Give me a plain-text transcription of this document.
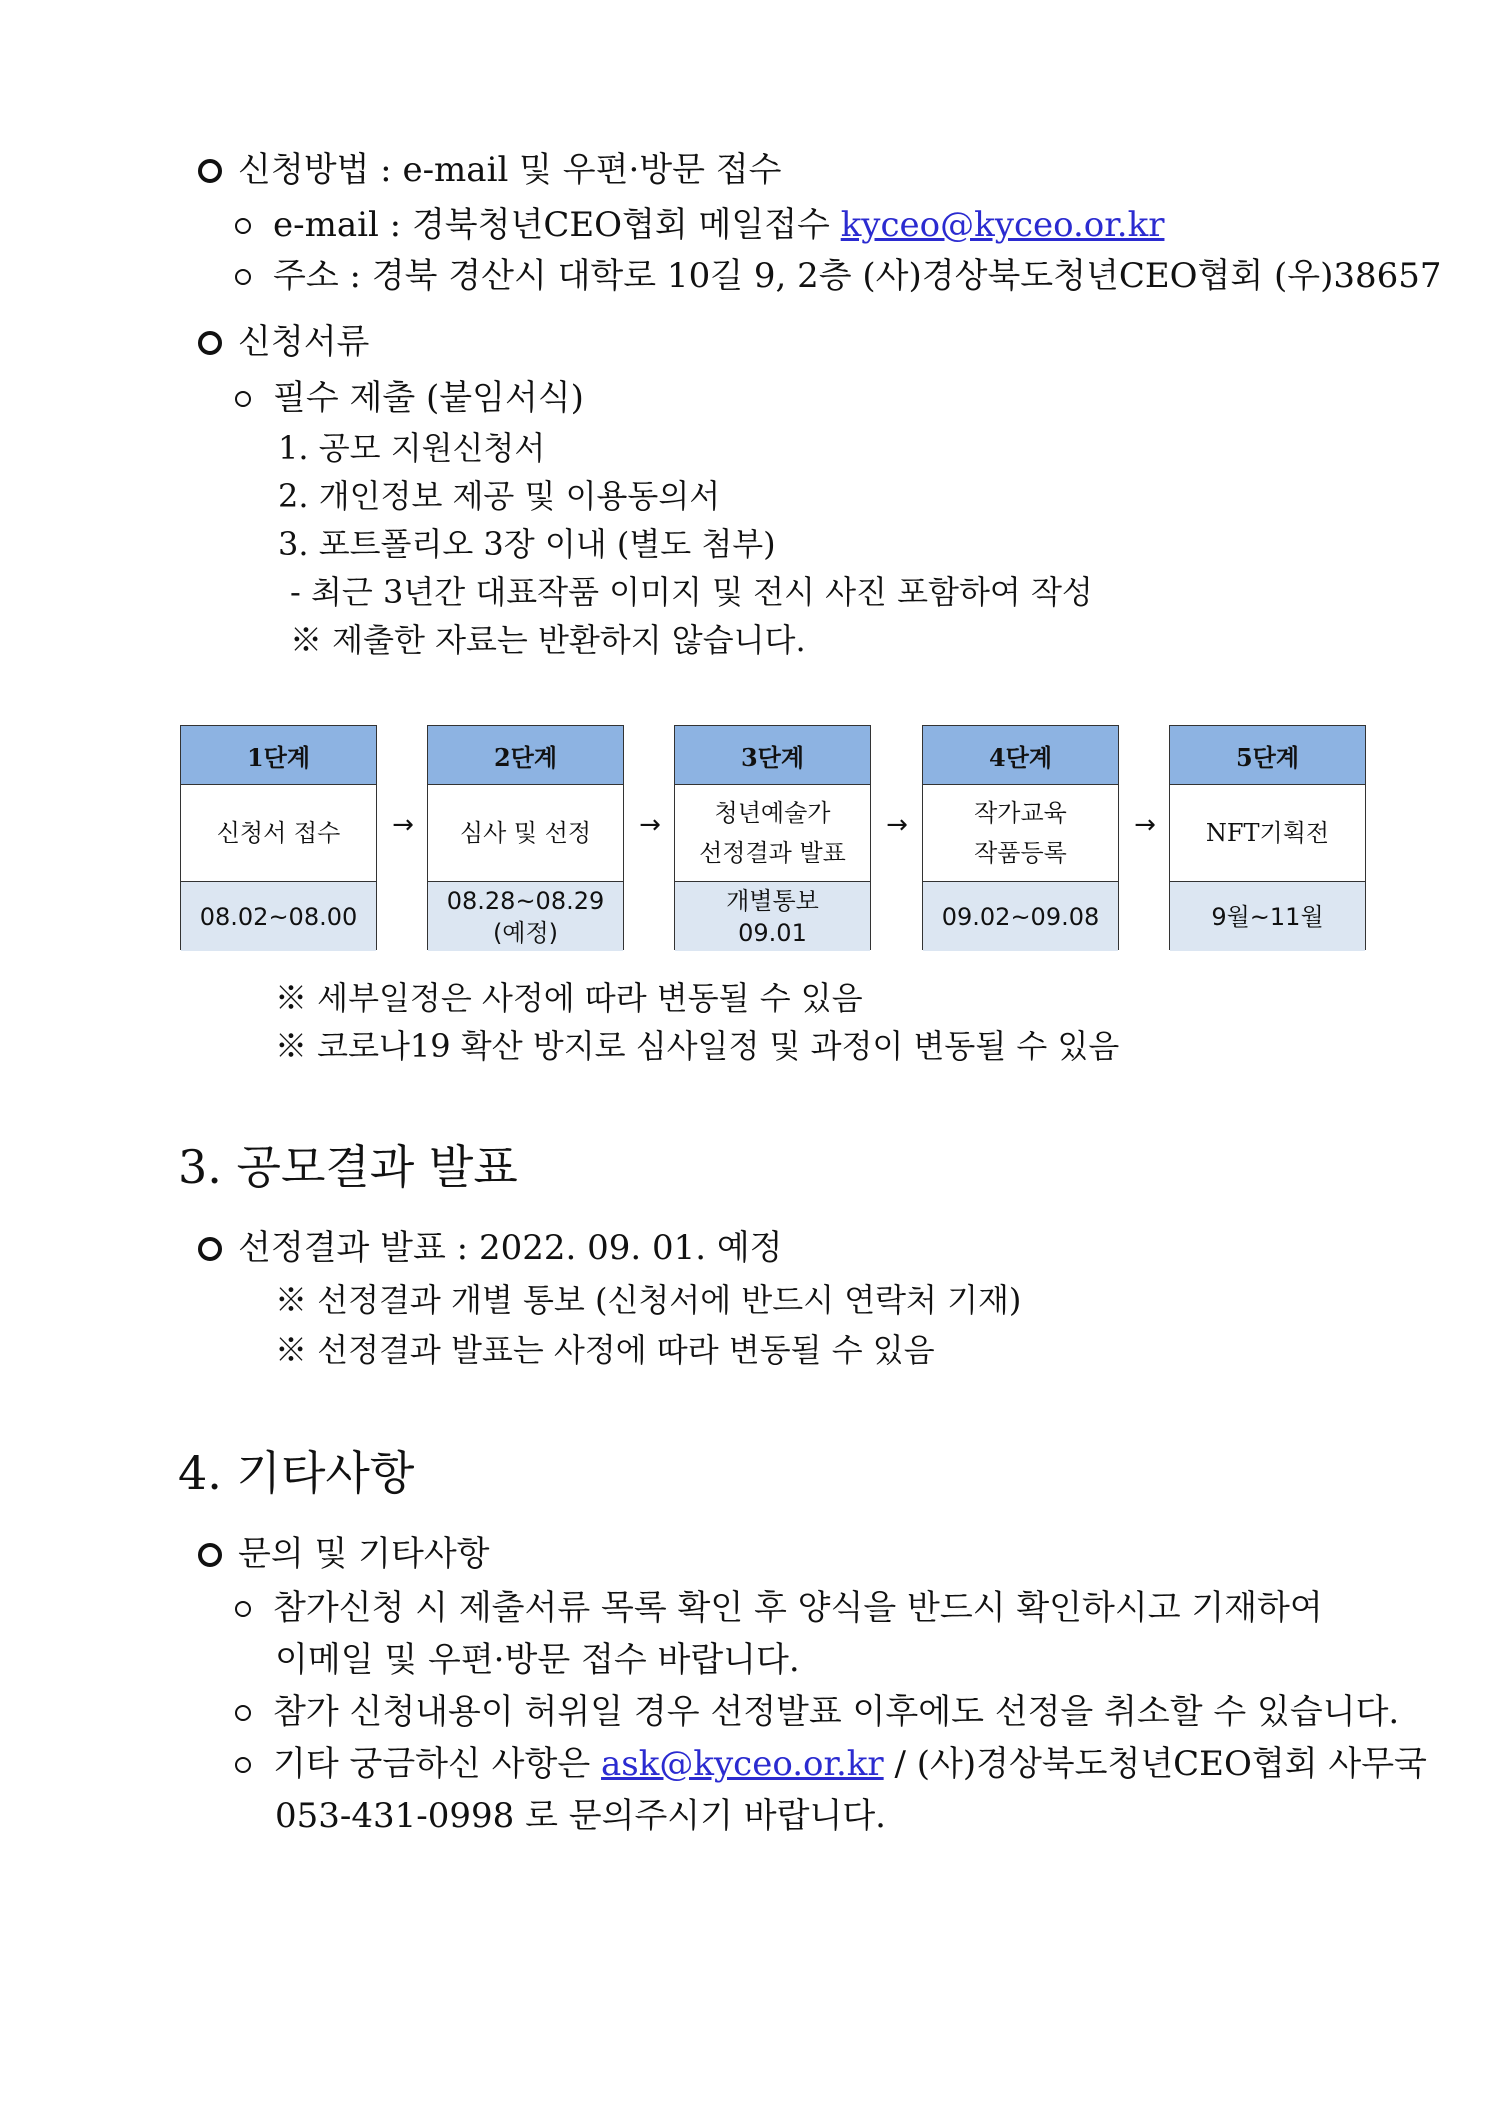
신청방법 : e-mail 및 우편·방문 접수
e-mail : 경북청년CEO협회 메일접수 kyceo@kyceo.or.kr
주소 : 경북 경산시 대학로 10길 9, 2층 (사)경상북도청년CEO협회 (우)38657
신청서류
필수 제출 (붙임서식)
1. 공모 지원신청서
2. 개인정보 제공 및 이용동의서
3. 포트폴리오 3장 이내 (별도 첨부)
- 최근 3년간 대표작품 이미지 및 전시 사진 포함하여 작성
※ 제출한 자료는 반환하지 않습니다.
1단계
신청서 접수
08.02~08.00
→
2단계
심사 및 선정
08.28~08.29
(예정)
→
3단계
청년예술가
선정결과 발표
개별통보
09.01
→
4단계
작가교육
작품등록
09.02~09.08
→
5단계
NFT기획전
9월~11월
※ 세부일정은 사정에 따라 변동될 수 있음
※ 코로나19 확산 방지로 심사일정 및 과정이 변동될 수 있음
3. 공모결과 발표
선정결과 발표 : 2022. 09. 01. 예정
※ 선정결과 개별 통보 (신청서에 반드시 연락처 기재)
※ 선정결과 발표는 사정에 따라 변동될 수 있음
4. 기타사항
문의 및 기타사항
참가신청 시 제출서류 목록 확인 후 양식을 반드시 확인하시고 기재하여
이메일 및 우편·방문 접수 바랍니다.
참가 신청내용이 허위일 경우 선정발표 이후에도 선정을 취소할 수 있습니다.
기타 궁금하신 사항은 ask@kyceo.or.kr / (사)경상북도청년CEO협회 사무국
053-431-0998 로 문의주시기 바랍니다.
